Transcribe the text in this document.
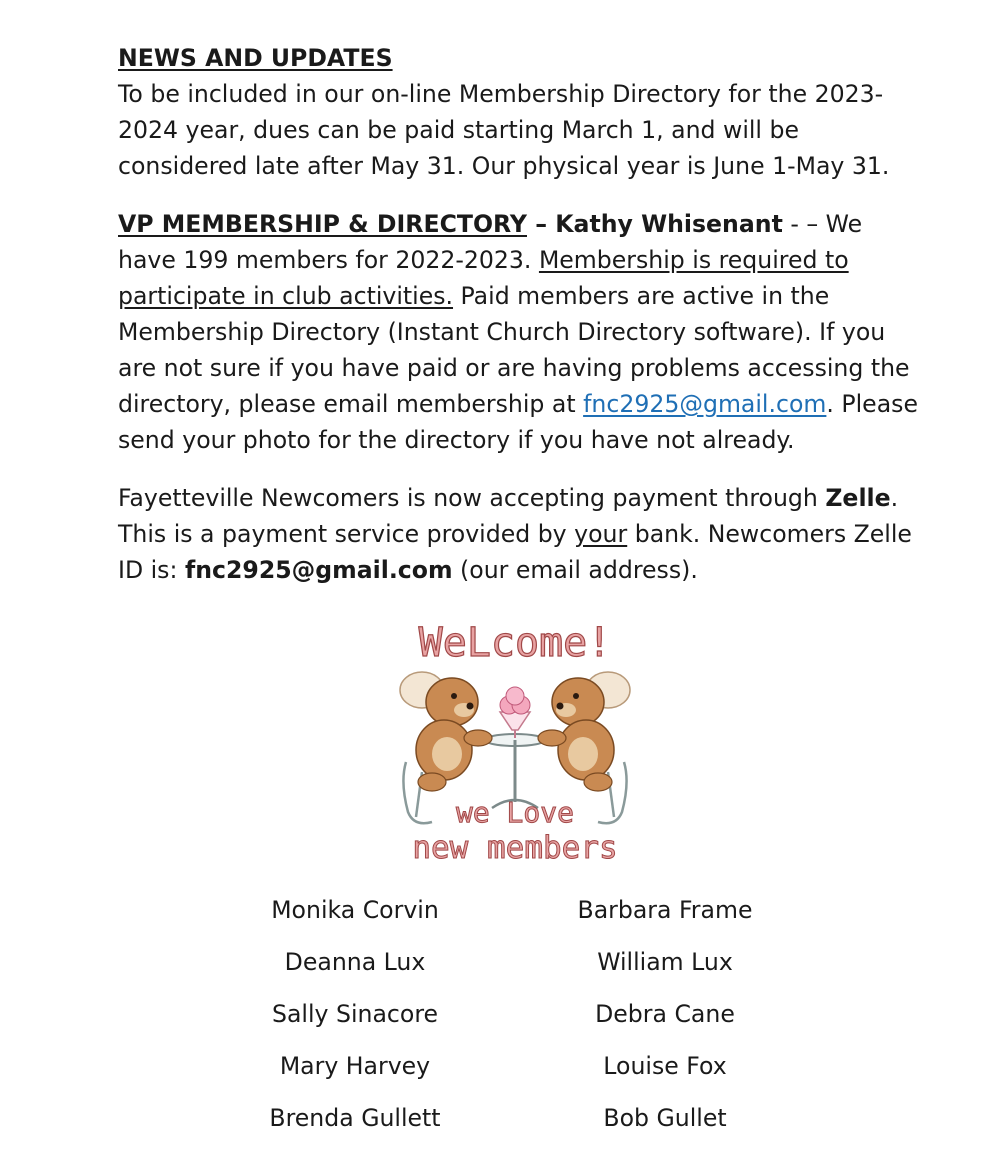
NEWS AND UPDATES
To be included in our on-line Membership Directory for the 2023-2024 year, dues can be paid starting March 1, and will be considered late after May 31. Our physical year is June 1-May 31.

VP MEMBERSHIP & DIRECTORY – Kathy Whisenant - – We have 199 members for 2022-2023. Membership is required to participate in club activities. Paid members are active in the Membership Directory (Instant Church Directory software). If you are not sure if you have paid or are having problems accessing the directory, please email membership at fnc2925@gmail.com. Please send your photo for the directory if you have not already.

Fayetteville Newcomers is now accepting payment through Zelle. This is a payment service provided by your bank. Newcomers Zelle ID is: fnc2925@gmail.com (our email address).

WeLcome!
we Love
new members
Monika Corvin	Barbara Frame
Deanna Lux	William Lux
Sally Sinacore	Debra Cane
Mary Harvey	Louise Fox
Brenda Gullett	Bob Gullet
